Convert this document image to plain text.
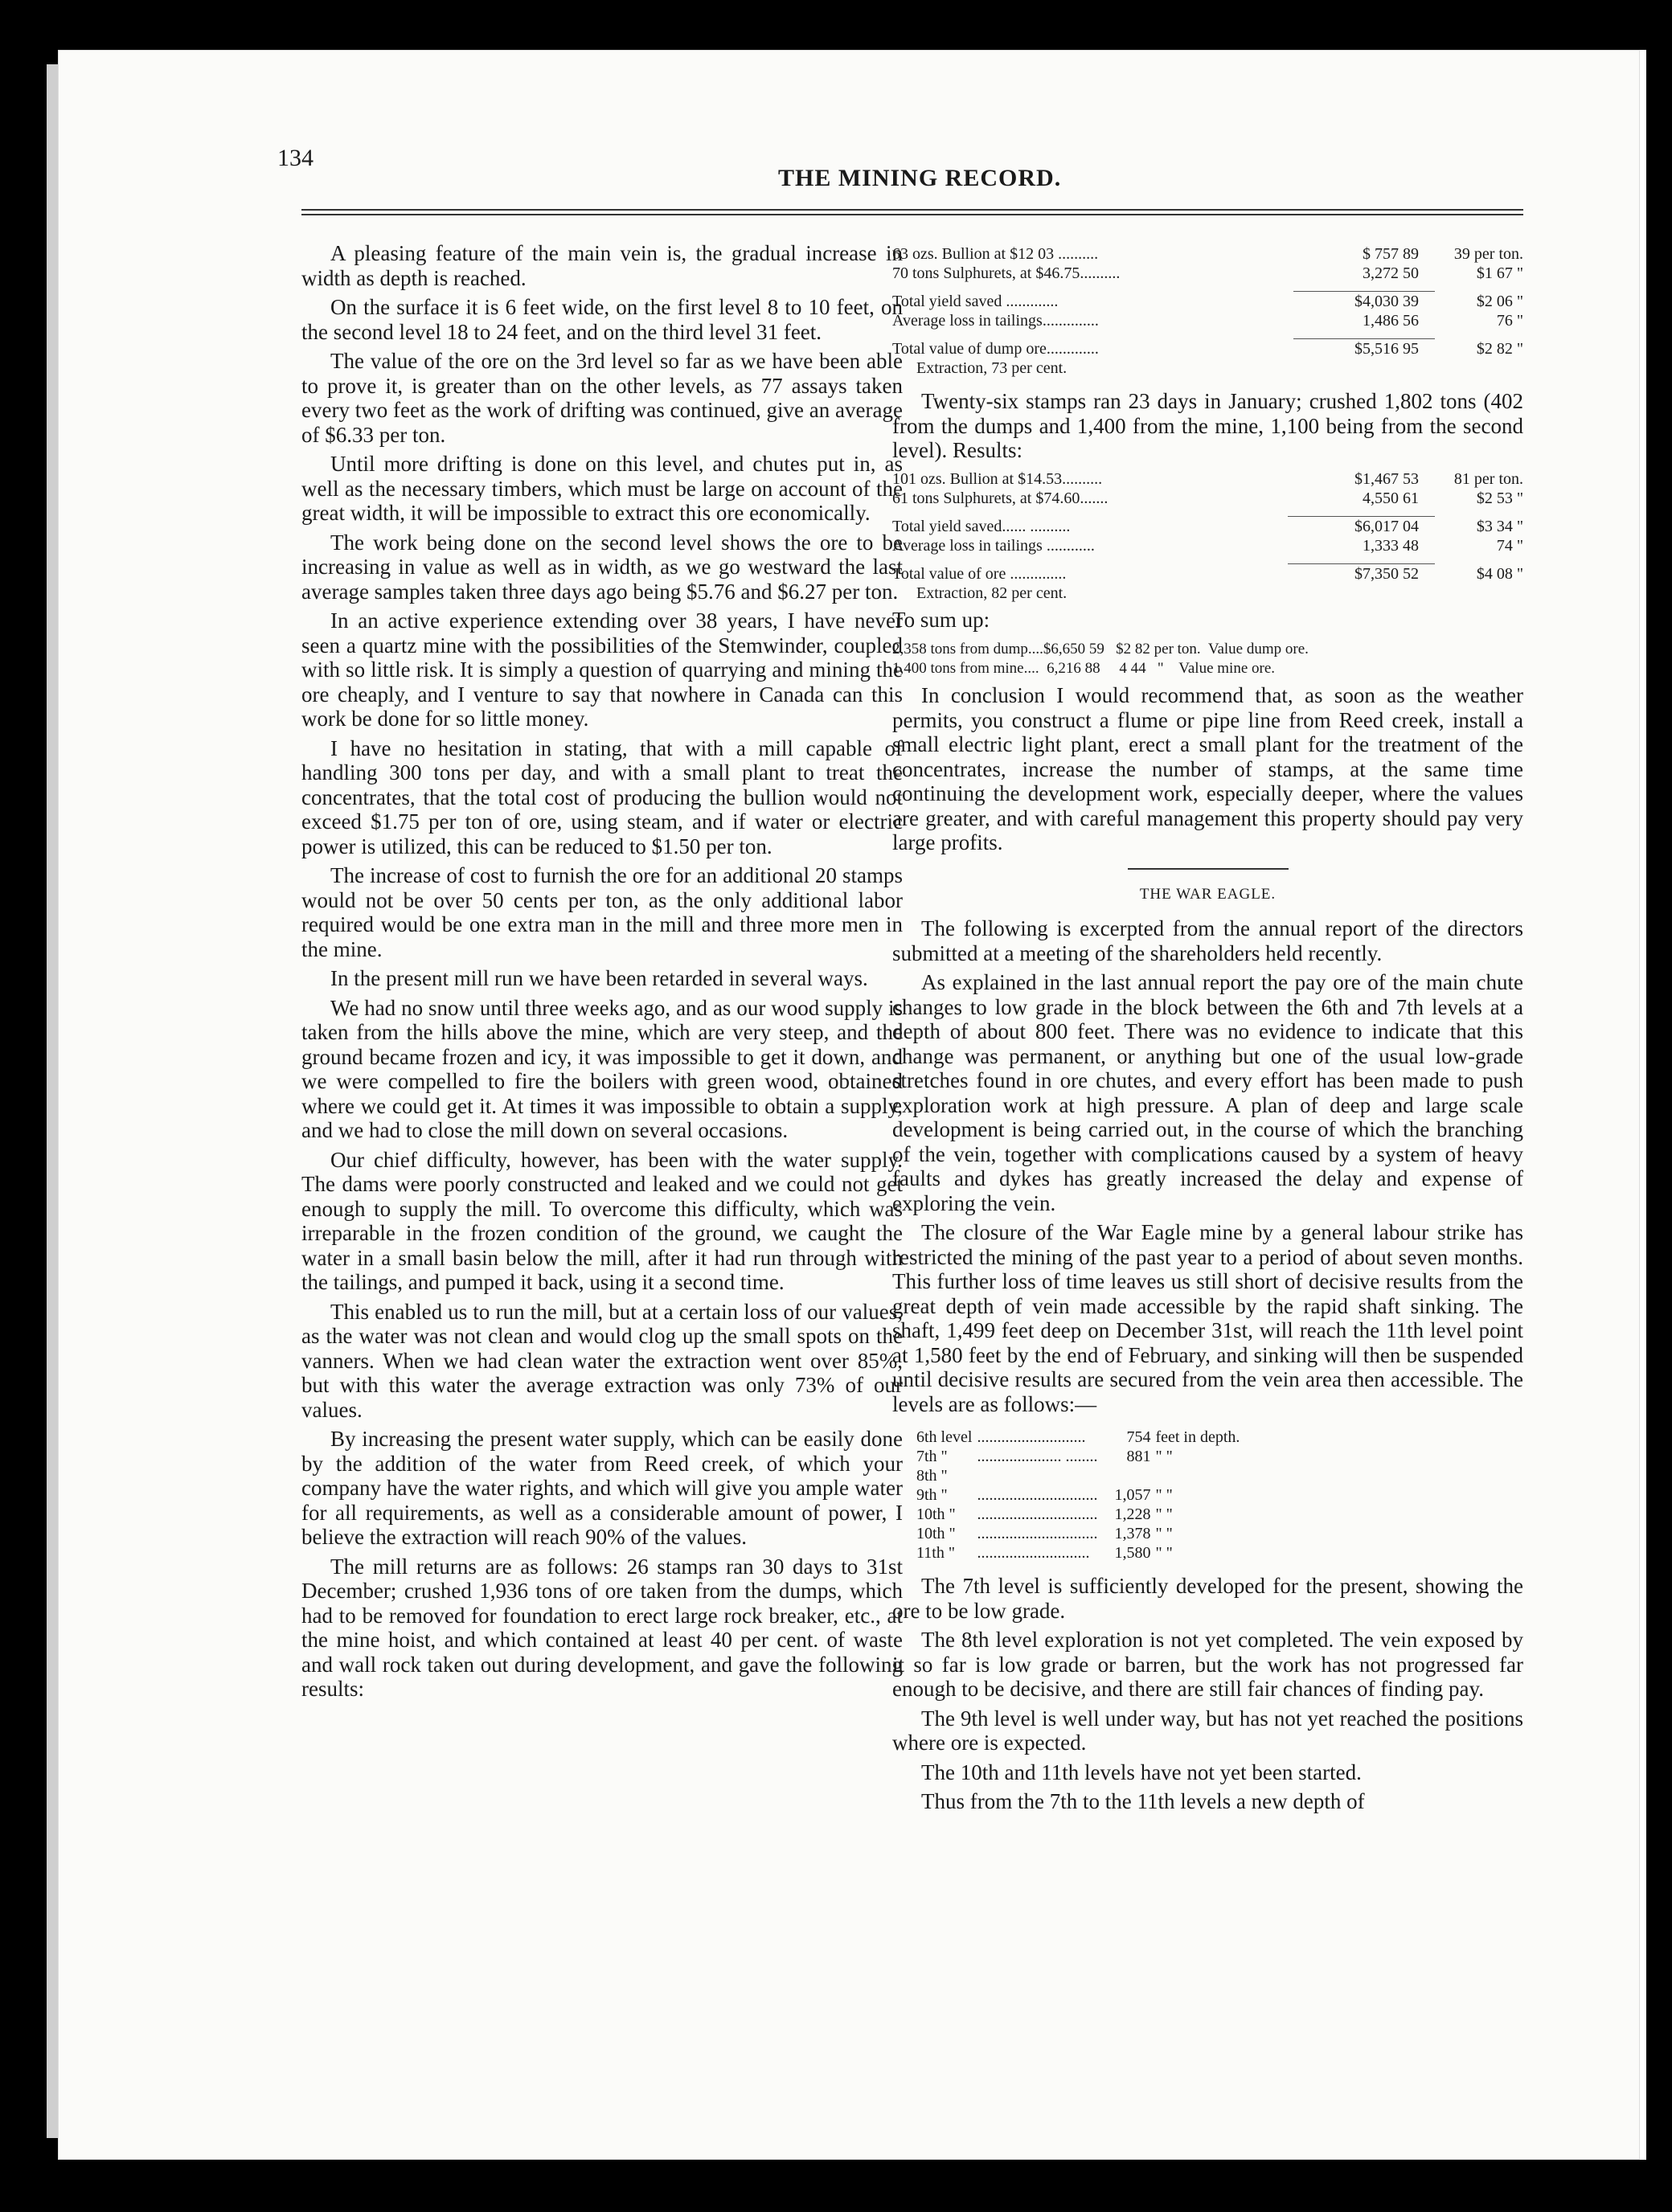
134
THE MINING RECORD.

A pleasing feature of the main vein is, the gradual increase in width as depth is reached.

On the surface it is 6 feet wide, on the first level 8 to 10 feet, on the second level 18 to 24 feet, and on the third level 31 feet.

The value of the ore on the 3rd level so far as we have been able to prove it, is greater than on the other levels, as 77 assays taken every two feet as the work of drifting was continued, give an average of $6.33 per ton.

Until more drifting is done on this level, and chutes put in, as well as the necessary timbers, which must be large on account of the great width, it will be impossible to extract this ore economically.

The work being done on the second level shows the ore to be increasing in value as well as in width, as we go westward the last average samples taken three days ago being $5.76 and $6.27 per ton.

In an active experience extending over 38 years, I have never seen a quartz mine with the possibilities of the Stemwinder, coupled with so little risk. It is simply a question of quarrying and mining the ore cheaply, and I venture to say that nowhere in Canada can this work be done for so little money.

I have no hesitation in stating, that with a mill capable of handling 300 tons per day, and with a small plant to treat the concentrates, that the total cost of producing the bullion would not exceed $1.75 per ton of ore, using steam, and if water or electric power is utilized, this can be reduced to $1.50 per ton.

The increase of cost to furnish the ore for an additional 20 stamps would not be over 50 cents per ton, as the only additional labor required would be one extra man in the mill and three more men in the mine.

In the present mill run we have been retarded in several ways.

We had no snow until three weeks ago, and as our wood supply is taken from the hills above the mine, which are very steep, and the ground became frozen and icy, it was impossible to get it down, and we were compelled to fire the boilers with green wood, obtained where we could get it. At times it was impossible to obtain a supply, and we had to close the mill down on several occasions.

Our chief difficulty, however, has been with the water supply. The dams were poorly constructed and leaked and we could not get enough to supply the mill. To overcome this difficulty, which was irreparable in the frozen condition of the ground, we caught the water in a small basin below the mill, after it had run through with the tailings, and pumped it back, using it a second time.

This enabled us to run the mill, but at a certain loss of our values, as the water was not clean and would clog up the small spots on the vanners. When we had clean water the extraction went over 85%, but with this water the average extraction was only 73% of our values.

By increasing the present water supply, which can be easily done by the addition of the water from Reed creek, of which your company have the water rights, and which will give you ample water for all requirements, as well as a considerable amount of power, I believe the extraction will reach 90% of the values.

The mill returns are as follows: 26 stamps ran 30 days to 31st December; crushed 1,936 tons of ore taken from the dumps, which had to be removed for foundation to erect large rock breaker, etc., at the mine hoist, and which contained at least 40 per cent. of waste and wall rock taken out during development, and gave the following results:

63 ozs. Bullion at $12 03 ..........	$ 757 89	39 per ton.
70 tons Sulphurets, at $46.75..........	3,272 50	$1 67 "

Total yield saved .............	$4,030 39	$2 06 "
Average loss in tailings..............	1,486 56	76 "

Total value of dump ore.............	$5,516 95	$2 82 "
Extraction, 73 per cent.		

Twenty-six stamps ran 23 days in January; crushed 1,802 tons (402 from the dumps and 1,400 from the mine, 1,100 being from the second level). Results:

101 ozs. Bullion at $14.53..........	$1,467 53	81 per ton.
61 tons Sulphurets, at $74.60.......	4,550 61	$2 53 "

Total yield saved...... ..........	$6,017 04	$3 34 "
Average loss in tailings ............	1,333 48	74 "

Total value of ore ..............	$7,350 52	$4 08 "
Extraction, 82 per cent.		
To sum up:
2,358 tons from dump....$6,650 59   $2 82 per ton.  Value dump ore.
1,400 tons from mine....  6,216 88     4 44   "    Value mine ore.

In conclusion I would recommend that, as soon as the weather permits, you construct a flume or pipe line from Reed creek, install a small electric light plant, erect a small plant for the treatment of the concentrates, increase the number of stamps, at the same time continuing the development work, especially deeper, where the values are greater, and with careful management this property should pay very large profits.

THE WAR EAGLE.

The following is excerpted from the annual report of the directors submitted at a meeting of the shareholders held recently.

As explained in the last annual report the pay ore of the main chute changes to low grade in the block between the 6th and 7th levels at a depth of about 800 feet. There was no evidence to indicate that this change was permanent, or anything but one of the usual low-grade stretches found in ore chutes, and every effort has been made to push exploration work at high pressure. A plan of deep and large scale development is being carried out, in the course of which the branching of the vein, together with complications caused by a system of heavy faults and dykes has greatly increased the delay and expense of exploring the vein.

The closure of the War Eagle mine by a general labour strike has restricted the mining of the past year to a period of about seven months. This further loss of time leaves us still short of decisive results from the great depth of vein made accessible by the rapid shaft sinking. The shaft, 1,499 feet deep on December 31st, will reach the 11th level point at 1,580 feet by the end of February, and sinking will then be suspended until decisive results are secured from the vein area then accessible. The levels are as follows:—

6th level	...........................	754	feet in depth.
7th "	..................... ........	881	" "
8th "			
9th "	..............................	1,057	" "
10th "	..............................	1,228	" "
10th "	..............................	1,378	" "
11th "	............................	1,580	" "

The 7th level is sufficiently developed for the present, showing the ore to be low grade.

The 8th level exploration is not yet completed. The vein exposed by it so far is low grade or barren, but the work has not progressed far enough to be decisive, and there are still fair chances of finding pay.

The 9th level is well under way, but has not yet reached the positions where ore is expected.

The 10th and 11th levels have not yet been started.

Thus from the 7th to the 11th levels a new depth of
